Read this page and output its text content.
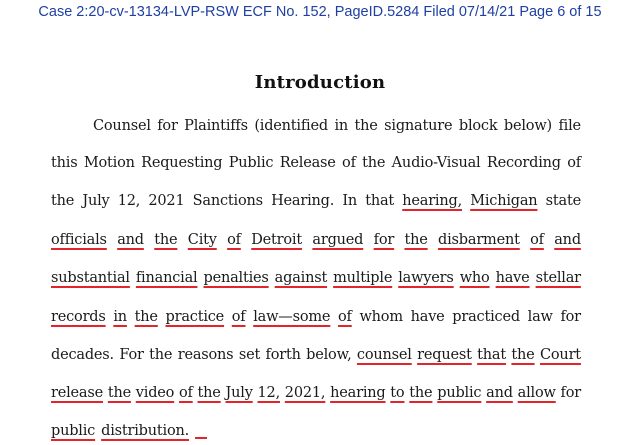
Case 2:20-cv-13134-LVP-RSW ECF No. 152, PageID.5284 Filed 07/14/21 Page 6 of 15
Introduction
Counsel for Plaintiffs (identified in the signature block below) file
this Motion Requesting Public Release of the Audio-Visual Recording of
the July 12, 2021 Sanctions Hearing. In that hearing, Michigan state
officials and the City of Detroit argued for the disbarment of and
substantial financial penalties against multiple lawyers who have stellar
records in the practice of law—some of whom have practiced law for
decades. For the reasons set forth below, counsel request that the Court
release the video of the July 12, 2021, hearing to the public and allow for
public distribution.
